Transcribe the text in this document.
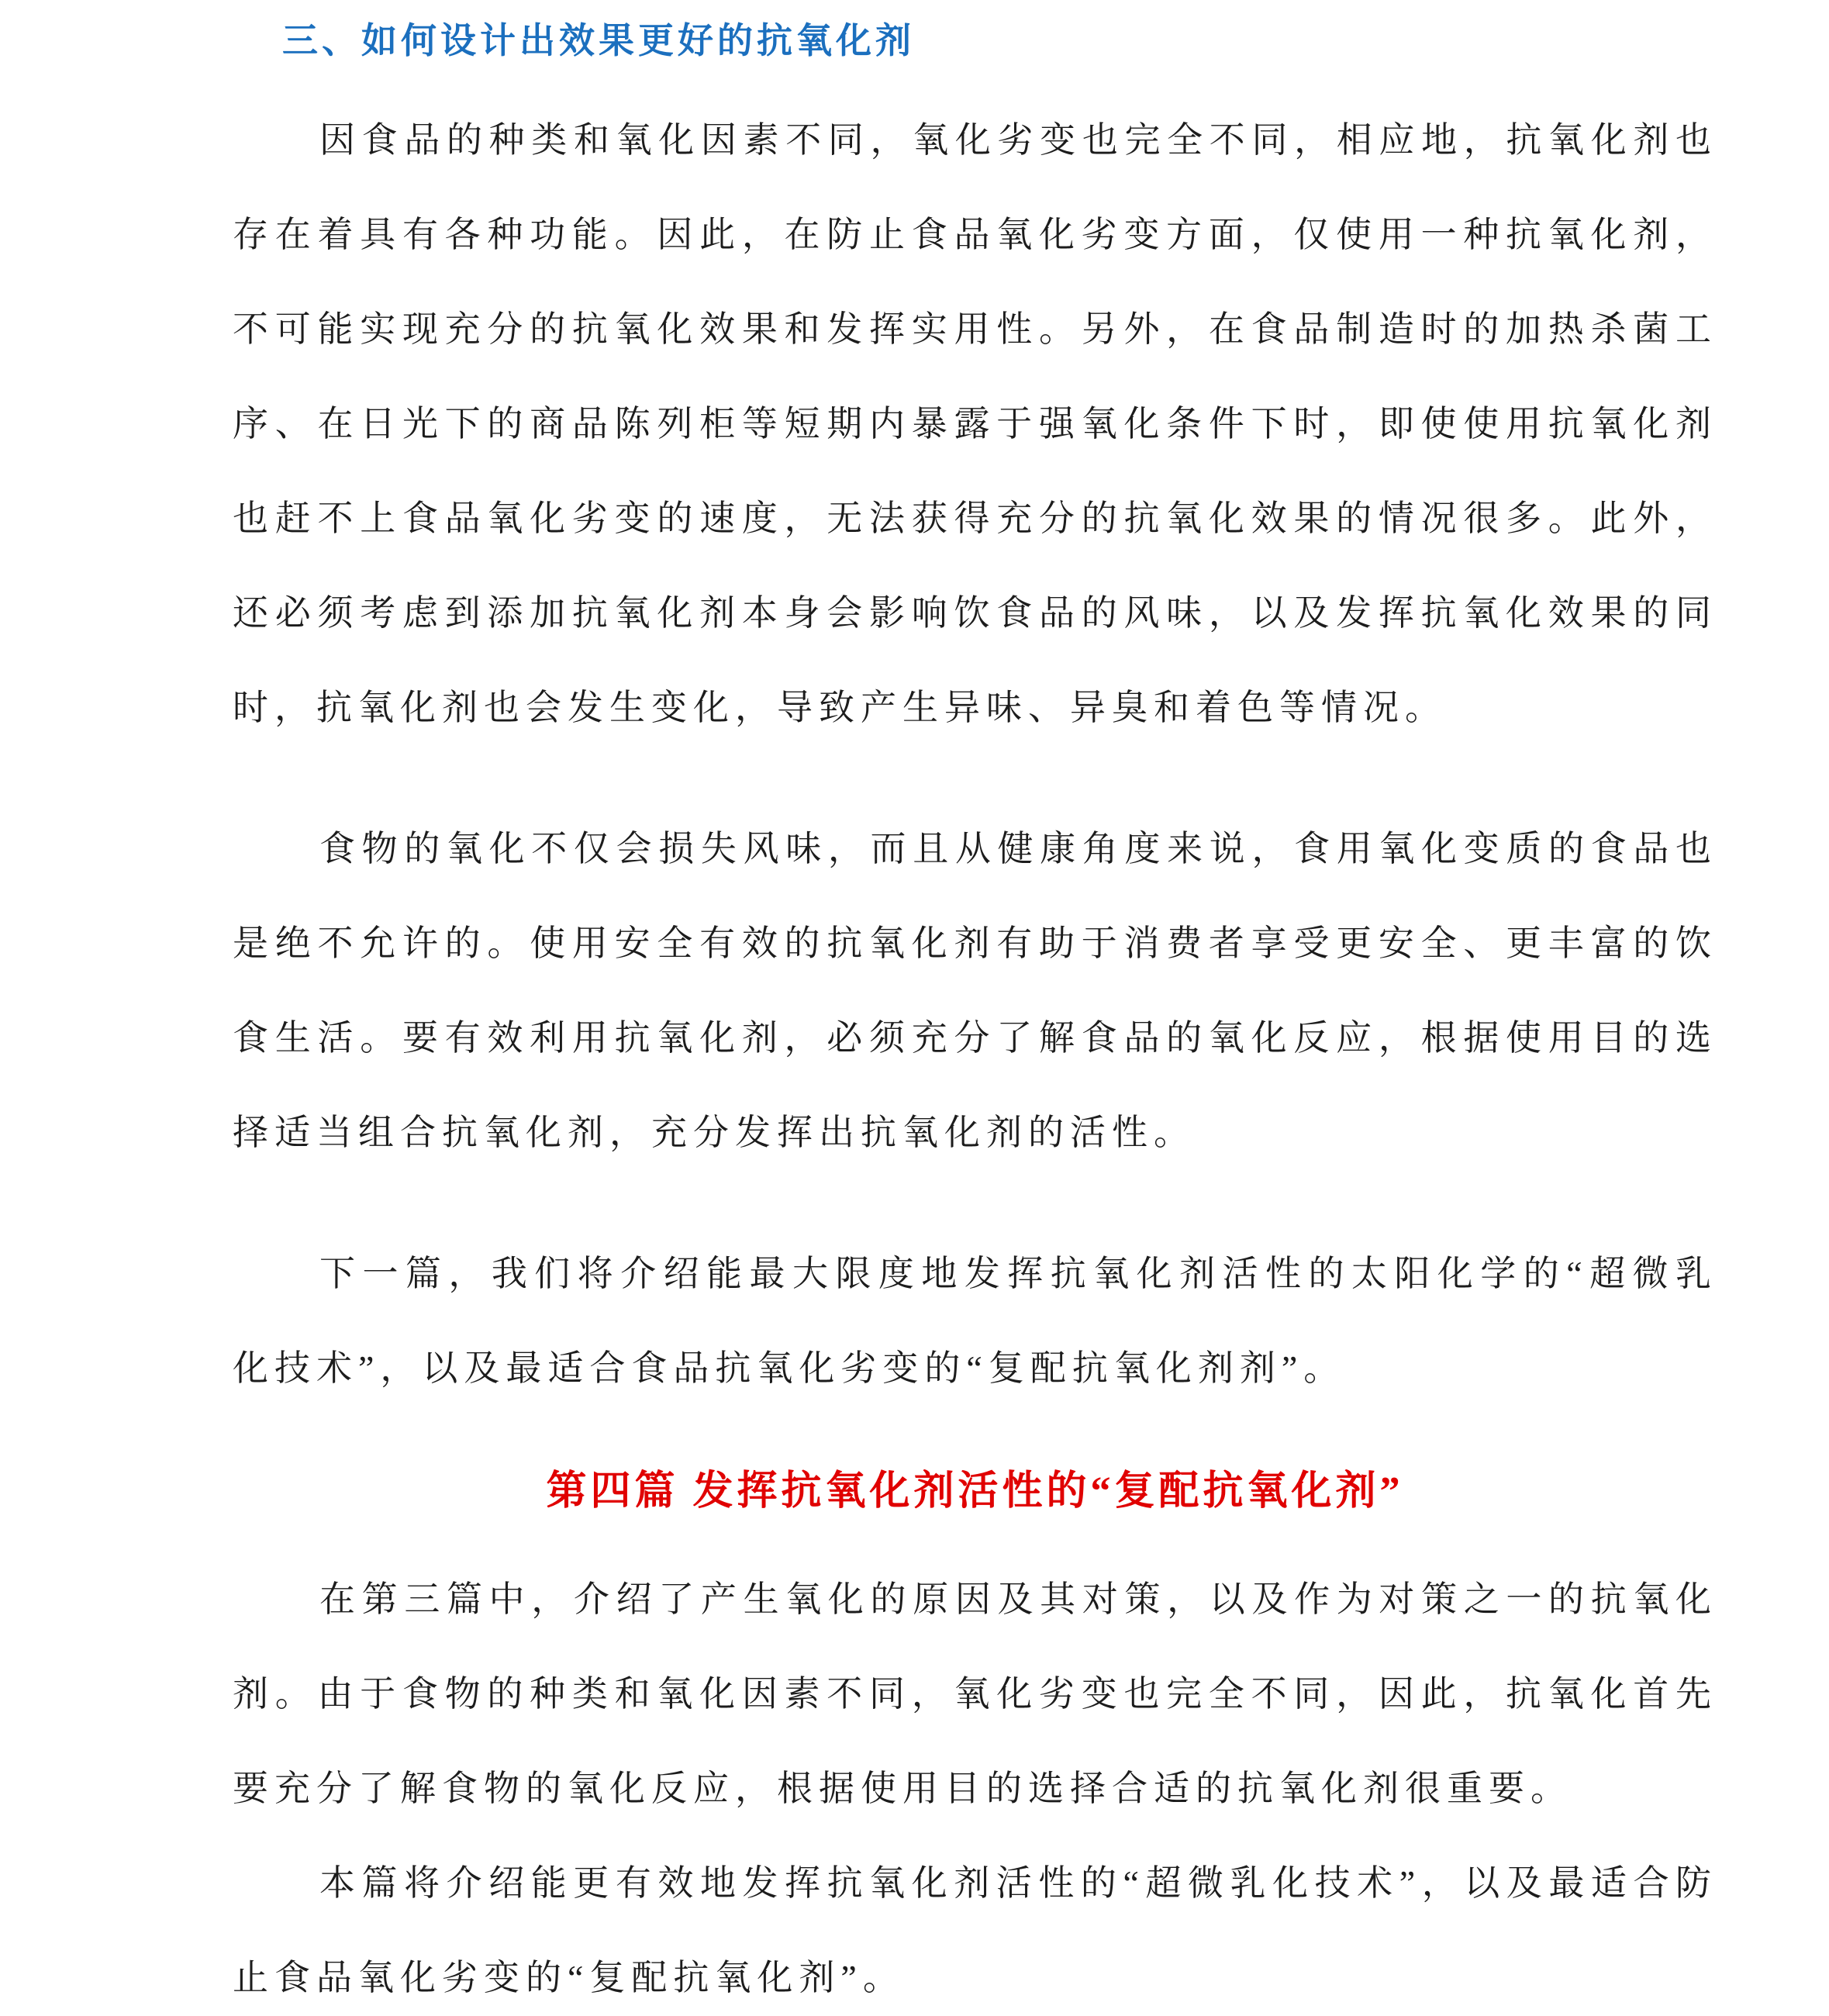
三、如何设计出效果更好的抗氧化剂

因食品的种类和氧化因素不同，氧化劣变也完全不同，相应地，抗氧化剂也存在着具有各种功能。因此，在防止食品氧化劣变方面，仅使用一种抗氧化剂，不可能实现充分的抗氧化效果和发挥实用性。另外，在食品制造时的加热杀菌工序、在日光下的商品陈列柜等短期内暴露于强氧化条件下时，即使使用抗氧化剂也赶不上食品氧化劣变的速度，无法获得充分的抗氧化效果的情况很多。此外，还必须考虑到添加抗氧化剂本身会影响饮食品的风味，以及发挥抗氧化效果的同时，抗氧化剂也会发生变化，导致产生异味、异臭和着色等情况。

食物的氧化不仅会损失风味，而且从健康角度来说，食用氧化变质的食品也是绝不允许的。使用安全有效的抗氧化剂有助于消费者享受更安全、更丰富的饮食生活。要有效利用抗氧化剂，必须充分了解食品的氧化反应，根据使用目的选择适当组合抗氧化剂，充分发挥出抗氧化剂的活性。

下一篇，我们将介绍能最大限度地发挥抗氧化剂活性的太阳化学的“超微乳化技术”，以及最适合食品抗氧化劣变的“复配抗氧化剂剂”。

第四篇 发挥抗氧化剂活性的“复配抗氧化剂”

在第三篇中，介绍了产生氧化的原因及其对策，以及作为对策之一的抗氧化剂。由于食物的种类和氧化因素不同，氧化劣变也完全不同，因此，抗氧化首先要充分了解食物的氧化反应，根据使用目的选择合适的抗氧化剂很重要。

本篇将介绍能更有效地发挥抗氧化剂活性的“超微乳化技术”，以及最适合防止食品氧化劣变的“复配抗氧化剂”。
